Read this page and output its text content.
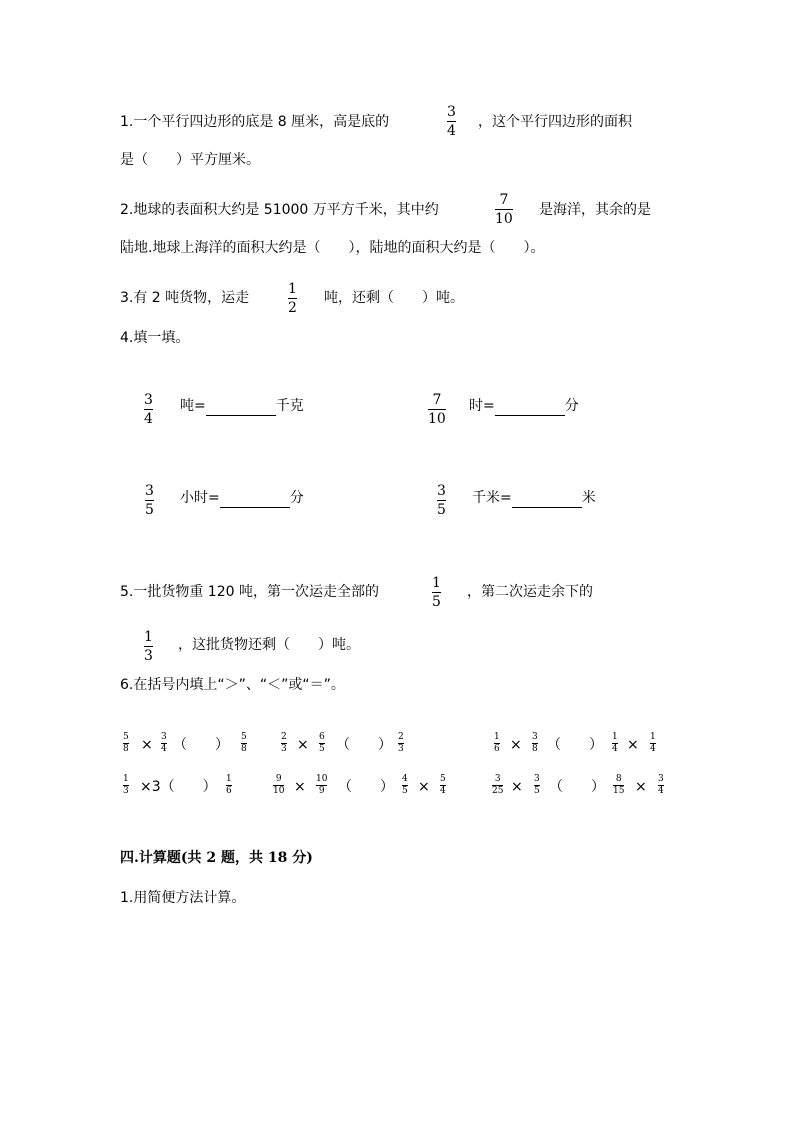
1.一个平行四边形的底是 8 厘米，高是底的
3
4
，这个平行四边形的面积
是（　　）平方厘米。
2.地球的表面积大约是 51000 万平方千米，其中约
7
10
是海洋，其余的是
陆地.地球上海洋的面积大约是（　　），陆地的面积大约是（　　）。
3.有 2 吨货物，运走
1
2
吨，还剩（　　）吨。
4.填一填。
3
4
吨=	千克	7
10
时=	分
3
5
小时=	分	3
5
千米=	米
5.一批货物重 120 吨，第一次运走全部的
1
5
，第二次运走余下的
1
3
，这批货物还剩（　　）吨。
6.在括号内填上“＞”、“＜”或“＝”。
5
8 × 3
4 （　　） 5
8
2
3 × 6
5 （　　） 2
3
1
6 × 3
8 （　　） 1
4 × 1
4
1
3 ×3（　　） 1
6
9
10 × 10
9 （　　） 4
5 × 5
4
3
25 × 3
5 （　　） 8
15 × 3
4
四.计算题(共 2 题，共 18 分)
1.用简便方法计算。
